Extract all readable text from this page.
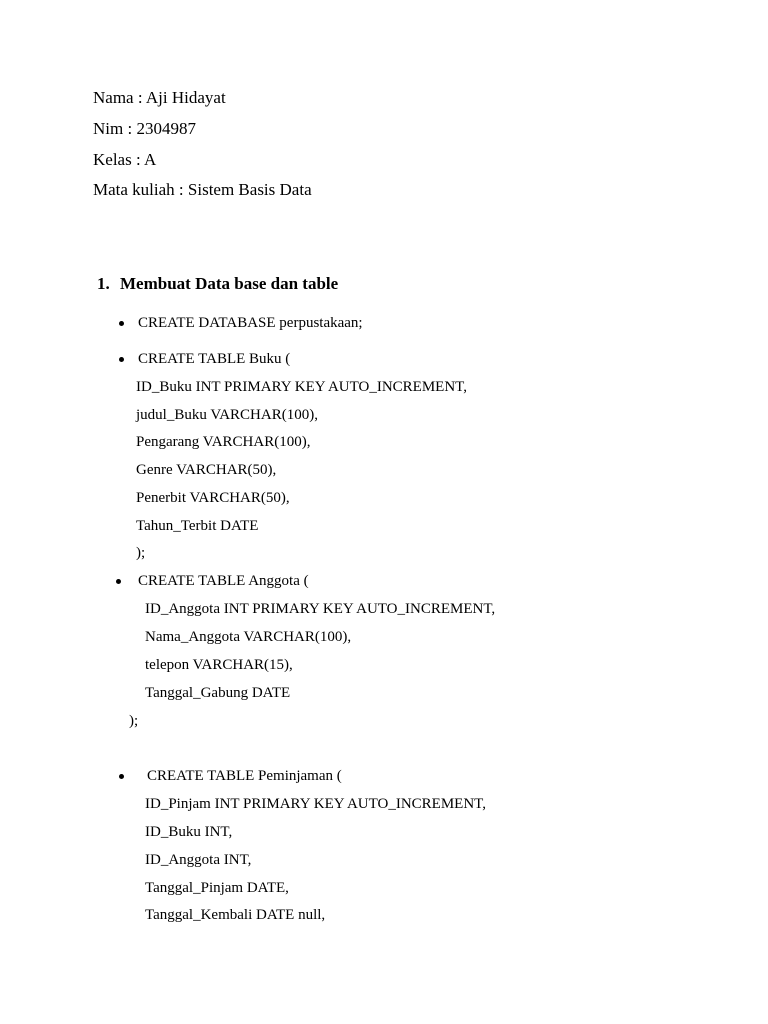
Nama : Aji Hidayat
Nim : 2304987
Kelas : A
Mata kuliah : Sistem Basis Data
1. Membuat Data base dan table
CREATE DATABASE perpustakaan;
CREATE TABLE Buku (
ID_Buku INT PRIMARY KEY AUTO_INCREMENT,
judul_Buku VARCHAR(100),
Pengarang VARCHAR(100),
Genre VARCHAR(50),
Penerbit VARCHAR(50),
Tahun_Terbit DATE
);
CREATE TABLE Anggota (
ID_Anggota INT PRIMARY KEY AUTO_INCREMENT,
Nama_Anggota VARCHAR(100),
telepon VARCHAR(15),
Tanggal_Gabung DATE
);
CREATE TABLE Peminjaman (
ID_Pinjam INT PRIMARY KEY AUTO_INCREMENT,
ID_Buku INT,
ID_Anggota INT,
Tanggal_Pinjam DATE,
Tanggal_Kembali DATE null,
